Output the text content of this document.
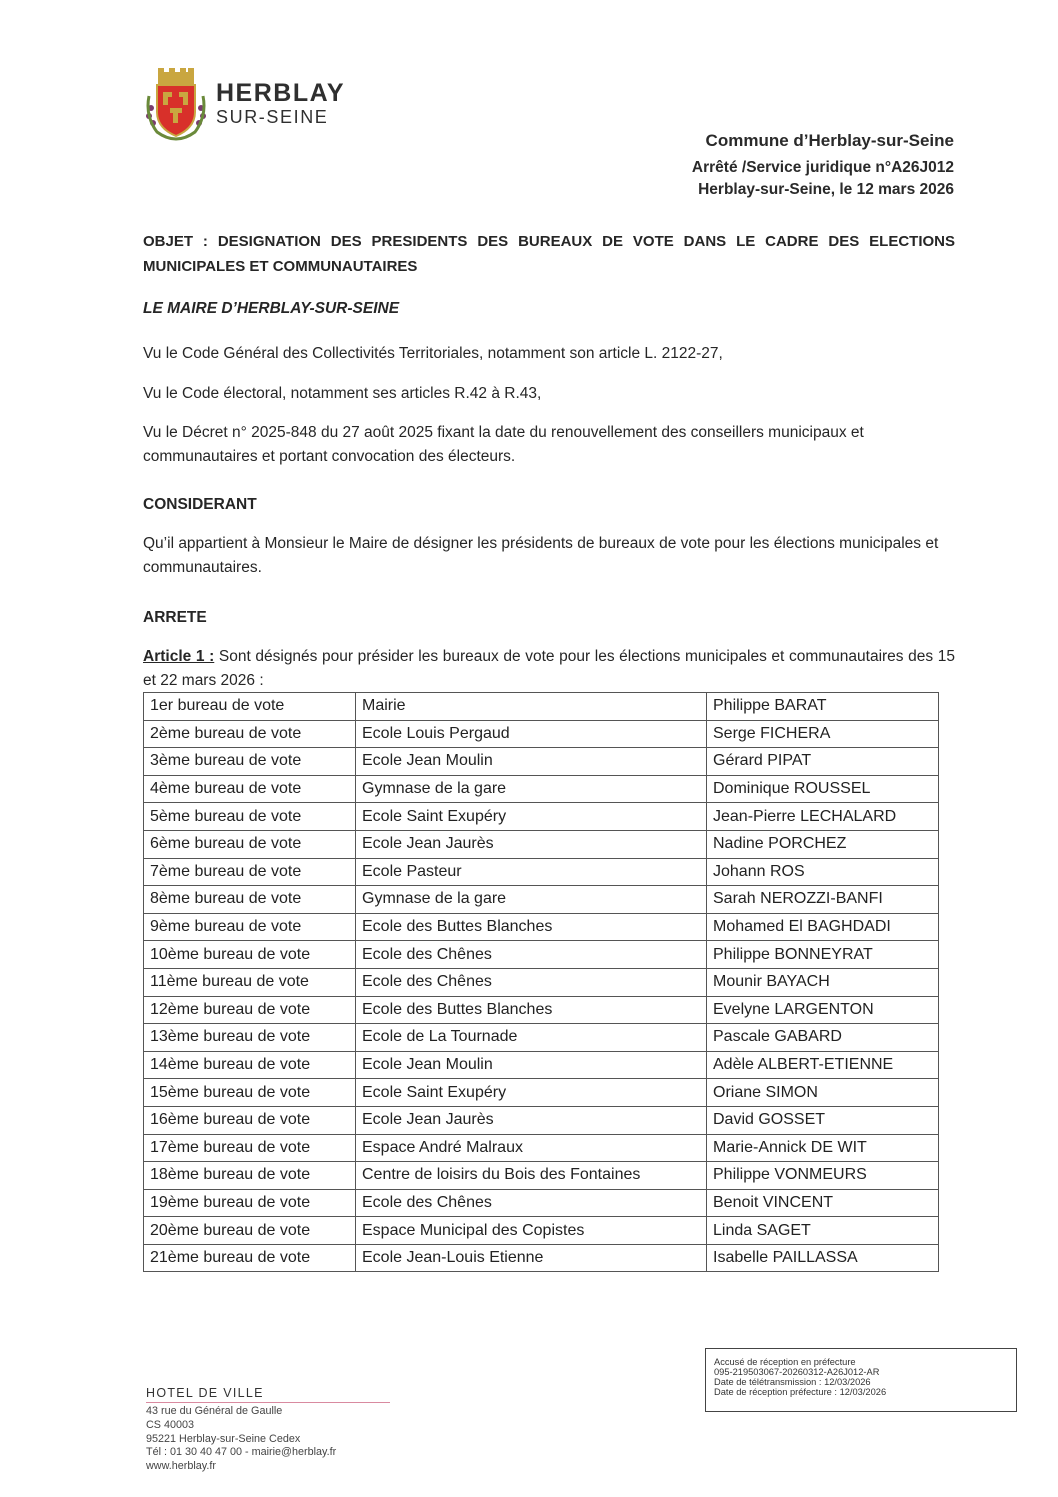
HERBLAY
SUR-SEINE
Commune d’Herblay-sur-Seine
Arrêté /Service juridique n°A26J012
Herblay-sur-Seine, le 12 mars 2026
OBJET : DESIGNATION DES PRESIDENTS DES BUREAUX DE VOTE DANS LE CADRE DES ELECTIONS MUNICIPALES ET COMMUNAUTAIRES
LE MAIRE D’HERBLAY-SUR-SEINE
Vu le Code Général des Collectivités Territoriales, notamment son article L. 2122-27,
Vu le Code électoral, notamment ses articles R.42 à R.43,
Vu le Décret n° 2025-848 du 27 août 2025 fixant la date du renouvellement des conseillers municipaux et communautaires et portant convocation des électeurs.
CONSIDERANT
Qu’il appartient à Monsieur le Maire de désigner les présidents de bureaux de vote pour les élections municipales et communautaires.
ARRETE
Article 1 : Sont désignés pour présider les bureaux de vote pour les élections municipales et communautaires des 15 et 22 mars 2026 :
1er bureau de vote	Mairie	Philippe BARAT
2ème bureau de vote	Ecole Louis Pergaud	Serge FICHERA
3ème bureau de vote	Ecole Jean Moulin	Gérard PIPAT
4ème bureau de vote	Gymnase de la gare	Dominique ROUSSEL
5ème bureau de vote	Ecole Saint Exupéry	Jean-Pierre LECHALARD
6ème bureau de vote	Ecole Jean Jaurès	Nadine PORCHEZ
7ème bureau de vote	Ecole Pasteur	Johann ROS
8ème bureau de vote	Gymnase de la gare	Sarah NEROZZI-BANFI
9ème bureau de vote	Ecole des Buttes Blanches	Mohamed El BAGHDADI
10ème bureau de vote	Ecole des Chênes	Philippe BONNEYRAT
11ème bureau de vote	Ecole des Chênes	Mounir BAYACH
12ème bureau de vote	Ecole des Buttes Blanches	Evelyne LARGENTON
13ème bureau de vote	Ecole de La Tournade	Pascale GABARD
14ème bureau de vote	Ecole Jean Moulin	Adèle ALBERT-ETIENNE
15ème bureau de vote	Ecole Saint Exupéry	Oriane SIMON
16ème bureau de vote	Ecole Jean Jaurès	David GOSSET
17ème bureau de vote	Espace André Malraux	Marie-Annick DE WIT
18ème bureau de vote	Centre de loisirs du Bois des Fontaines	Philippe VONMEURS
19ème bureau de vote	Ecole des Chênes	Benoit VINCENT
20ème bureau de vote	Espace Municipal des Copistes	Linda SAGET
21ème bureau de vote	Ecole Jean-Louis Etienne	Isabelle PAILLASSA
HOTEL DE VILLE
43 rue du Général de Gaulle
CS 40003
95221 Herblay-sur-Seine Cedex
Tél : 01 30 40 47 00 - mairie@herblay.fr
www.herblay.fr
Accusé de réception en préfecture
095-219503067-20260312-A26J012-AR
Date de télétransmission : 12/03/2026
Date de réception préfecture : 12/03/2026
